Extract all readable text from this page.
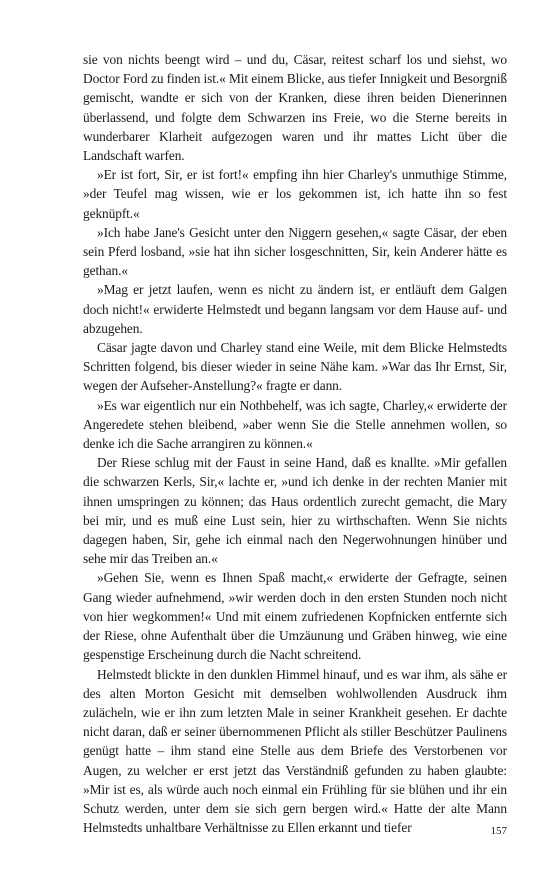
sie von nichts beengt wird – und du, Cäsar, reitest scharf los und siehst, wo Doctor Ford zu finden ist.« Mit einem Blicke, aus tiefer Innigkeit und Besorgniß gemischt, wandte er sich von der Kranken, diese ihren beiden Dienerinnen überlassend, und folgte dem Schwarzen ins Freie, wo die Sterne bereits in wunderbarer Klarheit aufgezogen waren und ihr mattes Licht über die Landschaft warfen.

»Er ist fort, Sir, er ist fort!« empfing ihn hier Charley's unmuthige Stimme, »der Teufel mag wissen, wie er los gekommen ist, ich hatte ihn so fest geknüpft.«

»Ich habe Jane's Gesicht unter den Niggern gesehen,« sagte Cäsar, der eben sein Pferd losband, »sie hat ihn sicher losgeschnitten, Sir, kein Anderer hätte es gethan.«

»Mag er jetzt laufen, wenn es nicht zu ändern ist, er entläuft dem Galgen doch nicht!« erwiderte Helmstedt und begann langsam vor dem Hause auf- und abzugehen.

Cäsar jagte davon und Charley stand eine Weile, mit dem Blicke Helmstedts Schritten folgend, bis dieser wieder in seine Nähe kam. »War das Ihr Ernst, Sir, wegen der Aufseher-Anstellung?« fragte er dann.

»Es war eigentlich nur ein Nothbehelf, was ich sagte, Charley,« erwiderte der Angeredete stehen bleibend, »aber wenn Sie die Stelle annehmen wollen, so denke ich die Sache arrangiren zu können.«

Der Riese schlug mit der Faust in seine Hand, daß es knallte. »Mir gefallen die schwarzen Kerls, Sir,« lachte er, »und ich denke in der rechten Manier mit ihnen umspringen zu können; das Haus ordentlich zurecht gemacht, die Mary bei mir, und es muß eine Lust sein, hier zu wirthschaften. Wenn Sie nichts dagegen haben, Sir, gehe ich einmal nach den Negerwohnungen hinüber und sehe mir das Treiben an.«

»Gehen Sie, wenn es Ihnen Spaß macht,« erwiderte der Gefragte, seinen Gang wieder aufnehmend, »wir werden doch in den ersten Stunden noch nicht von hier wegkommen!« Und mit einem zufriedenen Kopfnicken entfernte sich der Riese, ohne Aufenthalt über die Umzäunung und Gräben hinweg, wie eine gespenstige Erscheinung durch die Nacht schreitend.

Helmstedt blickte in den dunklen Himmel hinauf, und es war ihm, als sähe er des alten Morton Gesicht mit demselben wohlwollenden Ausdruck ihm zulächeln, wie er ihn zum letzten Male in seiner Krankheit gesehen. Er dachte nicht daran, daß er seiner übernommenen Pflicht als stiller Beschützer Paulinens genügt hatte – ihm stand eine Stelle aus dem Briefe des Verstorbenen vor Augen, zu welcher er erst jetzt das Verständniß gefunden zu haben glaubte: »Mir ist es, als würde auch noch einmal ein Frühling für sie blühen und ihr ein Schutz werden, unter dem sie sich gern bergen wird.« Hatte der alte Mann Helmstedts unhaltbare Verhältnisse zu Ellen erkannt und tiefer	157
